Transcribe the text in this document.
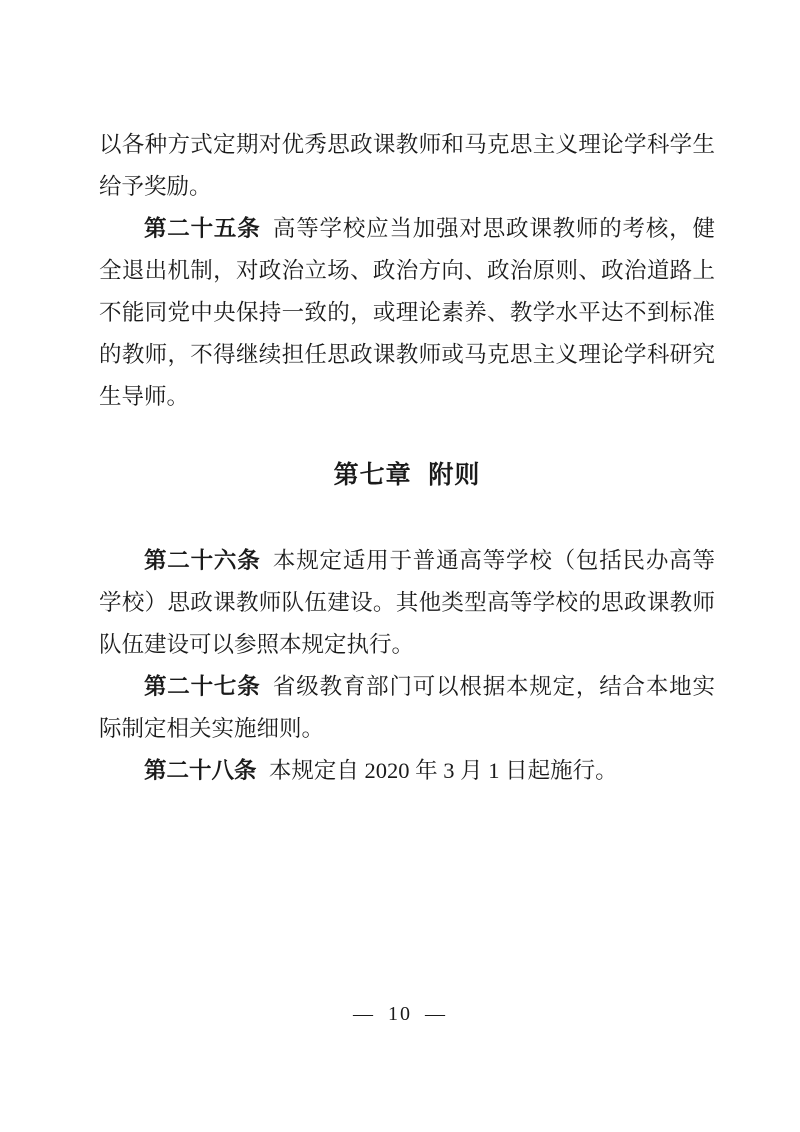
以各种方式定期对优秀思政课教师和马克思主义理论学科学生给予奖励。

第二十五条 高等学校应当加强对思政课教师的考核，健全退出机制，对政治立场、政治方向、政治原则、政治道路上不能同党中央保持一致的，或理论素养、教学水平达不到标准的教师，不得继续担任思政课教师或马克思主义理论学科研究生导师。

第七章 附则

第二十六条 本规定适用于普通高等学校（包括民办高等学校）思政课教师队伍建设。其他类型高等学校的思政课教师队伍建设可以参照本规定执行。

第二十七条 省级教育部门可以根据本规定，结合本地实际制定相关实施细则。

第二十八条 本规定自 2020 年 3 月 1 日起施行。

— 10 —
